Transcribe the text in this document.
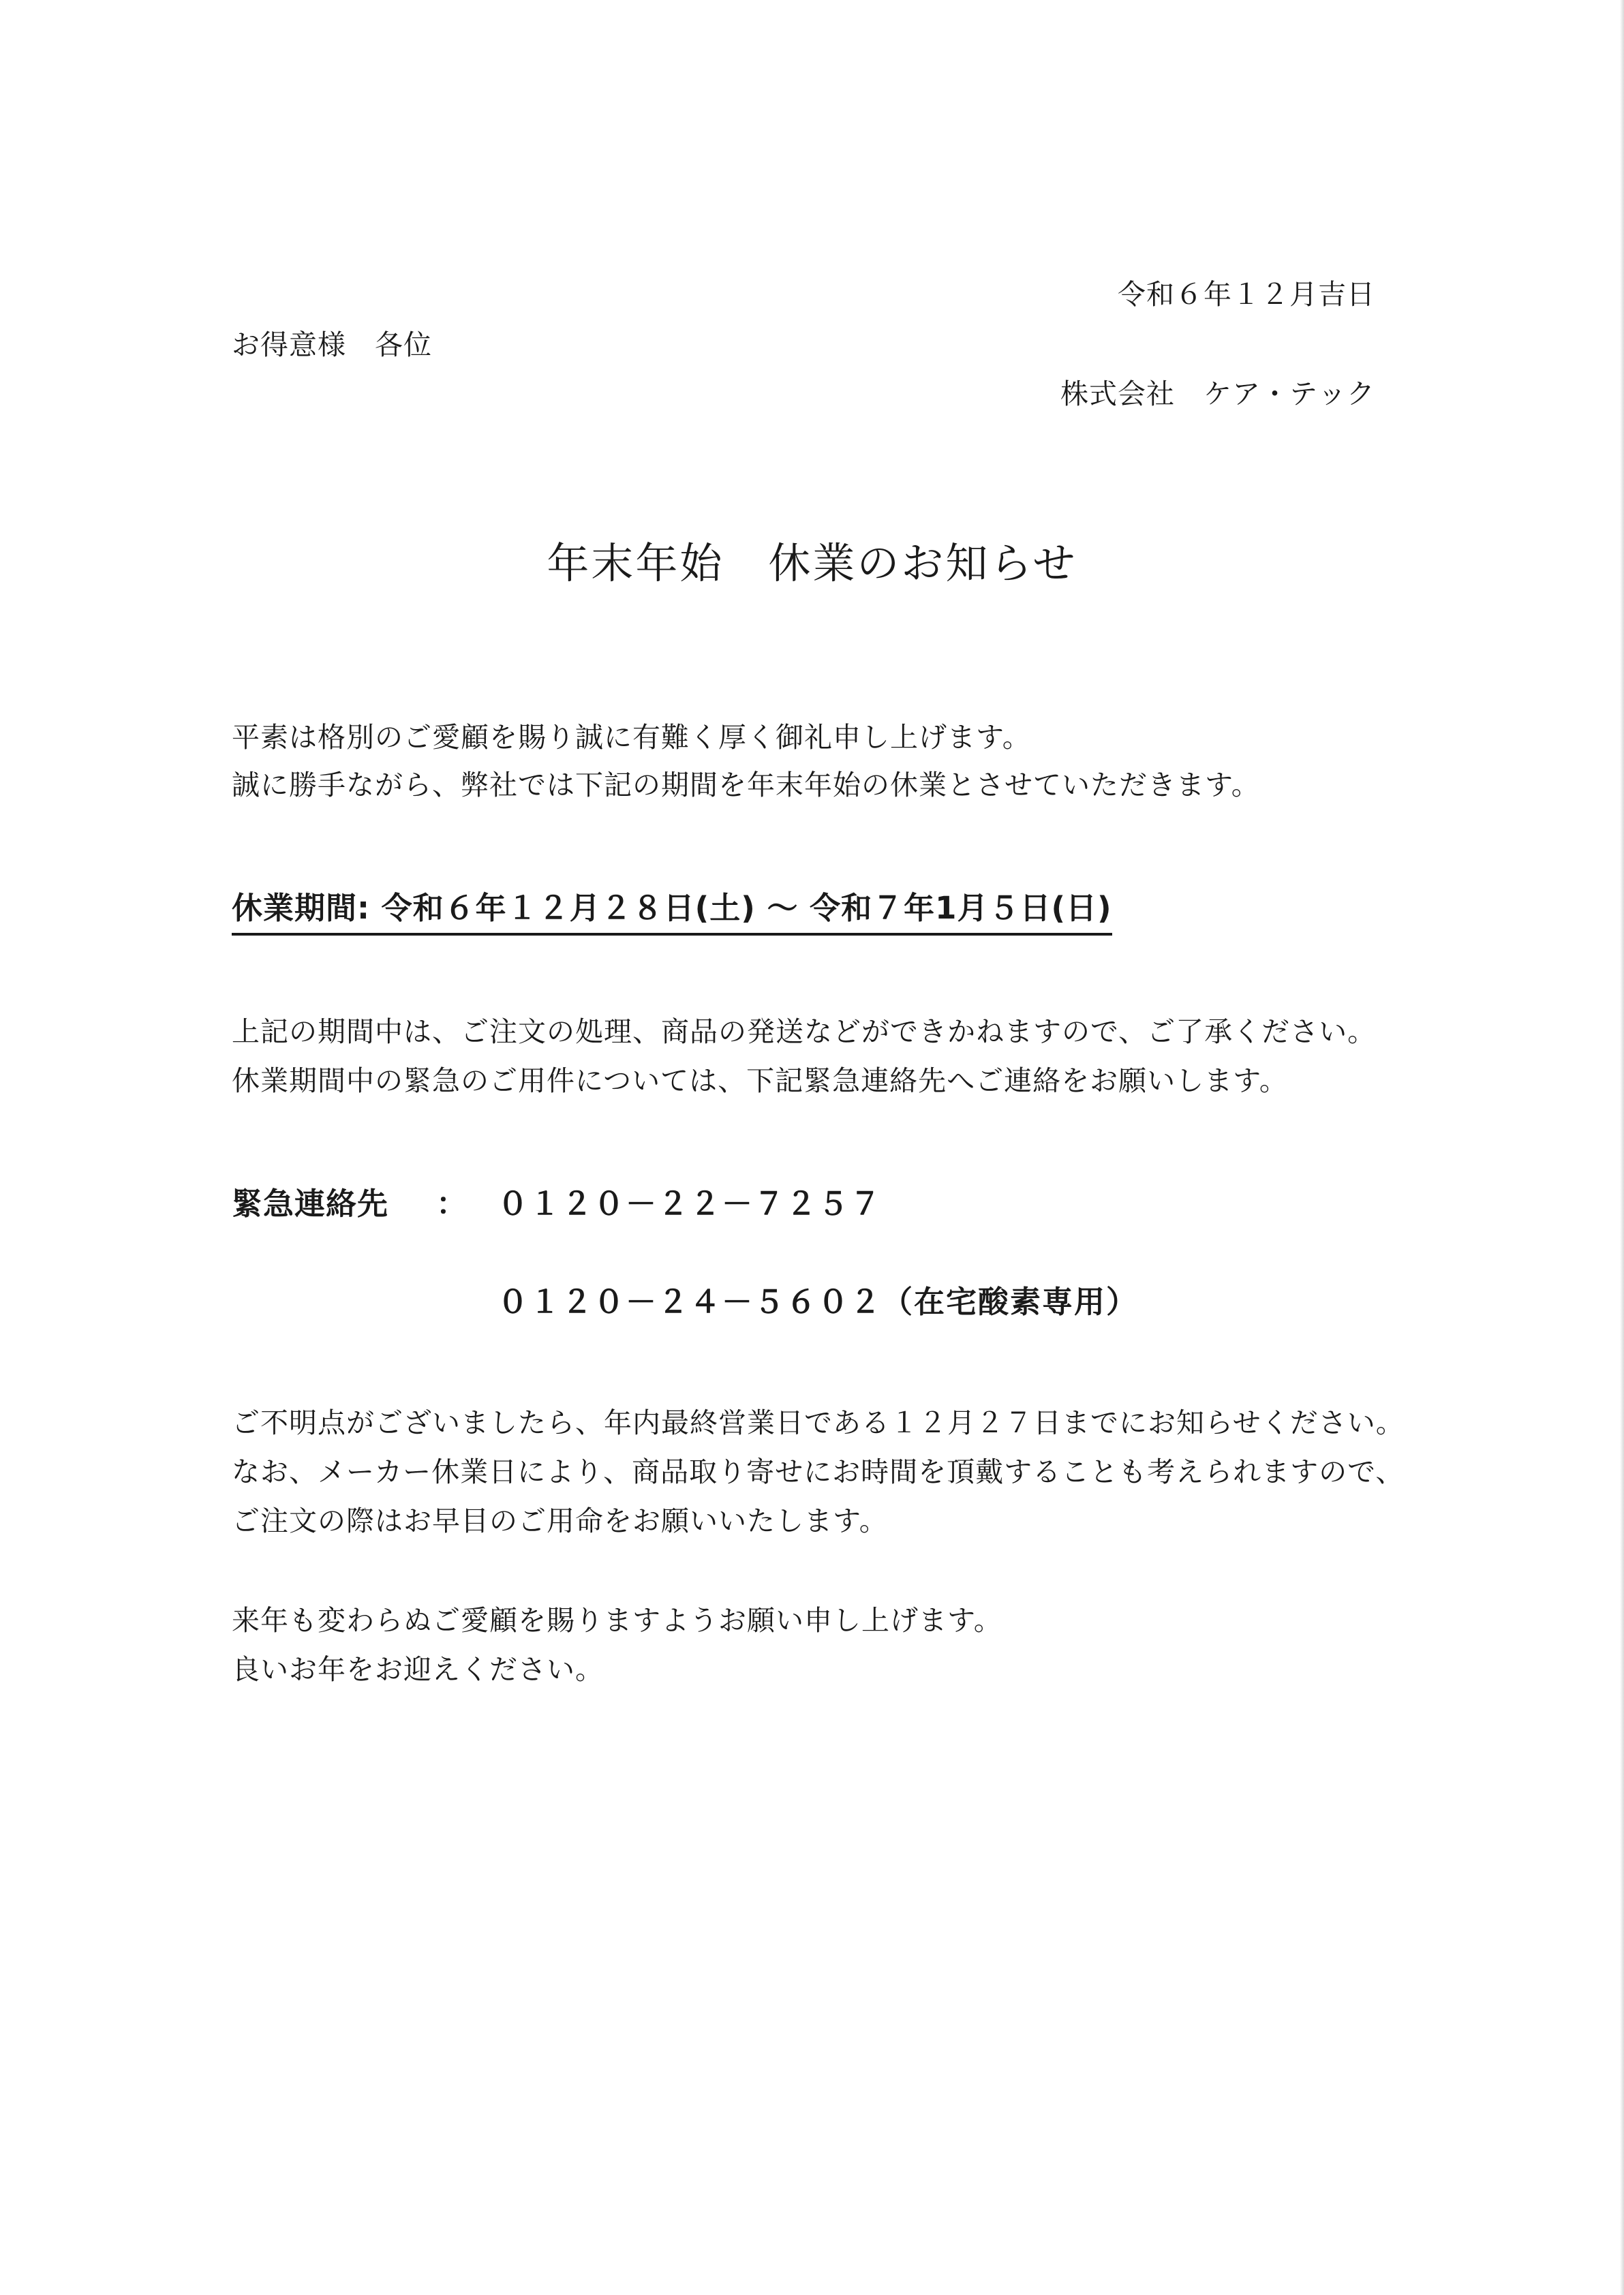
令和６年１２月吉日
お得意様　各位
株式会社　ケア・テック
年末年始　休業のお知らせ
平素は格別のご愛顧を賜り誠に有難く厚く御礼申し上げます。
誠に勝手ながら、弊社では下記の期間を年末年始の休業とさせていただきます。
休業期間: 令和６年１２月２８日(土) ～ 令和７年1月５日(日)
上記の期間中は、ご注文の処理、商品の発送などができかねますので、ご了承ください。
休業期間中の緊急のご用件については、下記緊急連絡先へご連絡をお願いします。
緊急連絡先 ： ０１２０－２２－７２５７
０１２０－２４－５６０２（在宅酸素専用）
ご不明点がございましたら、年内最終営業日である１２月２７日までにお知らせください。
なお、メーカー休業日により、商品取り寄せにお時間を頂戴することも考えられますので、
ご注文の際はお早目のご用命をお願いいたします。
来年も変わらぬご愛顧を賜りますようお願い申し上げます。
良いお年をお迎えください。
